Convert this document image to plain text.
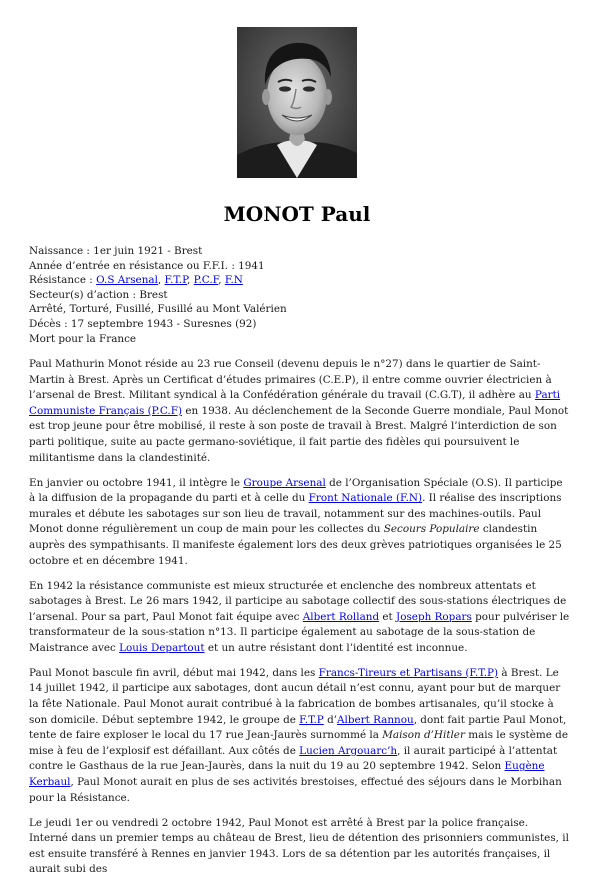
MONOT Paul
Naissance : 1er juin 1921 - Brest
Année d’entrée en résistance ou F.F.I. : 1941
Résistance : O.S Arsenal, F.T.P, P.C.F, F.N
Secteur(s) d’action : Brest
Arrêté, Torturé, Fusillé, Fusillé au Mont Valérien
Décès : 17 septembre 1943 - Suresnes (92)
Mort pour la France

Paul Mathurin Monot réside au 23 rue Conseil (devenu depuis le n°27) dans le quartier de Saint-Martin à Brest. Après un Certificat d’études primaires (C.E.P), il entre comme ouvrier électricien à l’arsenal de Brest. Militant syndical à la Confédération générale du travail (C.G.T), il adhère au Parti Communiste Français (P.C.F) en 1938. Au déclenchement de la Seconde Guerre mondiale, Paul Monot est trop jeune pour être mobilisé, il reste à son poste de travail à Brest. Malgré l’interdiction de son parti politique, suite au pacte germano-soviétique, il fait partie des fidèles qui poursuivent le militantisme dans la clandestinité.

En janvier ou octobre 1941, il intègre le Groupe Arsenal de l’Organisation Spéciale (O.S). Il participe à la diffusion de la propagande du parti et à celle du Front Nationale (F.N). Il réalise des inscriptions murales et débute les sabotages sur son lieu de travail, notamment sur des machines-outils. Paul Monot donne régulièrement un coup de main pour les collectes du Secours Populaire clandestin auprès des sympathisants. Il manifeste également lors des deux grèves patriotiques organisées le 25 octobre et en décembre 1941.

En 1942 la résistance communiste est mieux structurée et enclenche des nombreux attentats et sabotages à Brest. Le 26 mars 1942, il participe au sabotage collectif des sous-stations électriques de l’arsenal. Pour sa part, Paul Monot fait équipe avec Albert Rolland et Joseph Ropars pour pulvériser le transformateur de la sous-station n°13. Il participe également au sabotage de la sous-station de Maistrance avec Louis Departout et un autre résistant dont l’identité est inconnue.

Paul Monot bascule fin avril, début mai 1942, dans les Francs-Tireurs et Partisans (F.T.P) à Brest. Le 14 juillet 1942, il participe aux sabotages, dont aucun détail n’est connu, ayant pour but de marquer la fête Nationale. Paul Monot aurait contribué à la fabrication de bombes artisanales, qu’il stocke à son domicile. Début septembre 1942, le groupe de F.T.P d’Albert Rannou, dont fait partie Paul Monot, tente de faire exploser le local du 17 rue Jean-Jaurès surnommé la Maison d’Hitler mais le système de mise à feu de l’explosif est défaillant. Aux côtés de Lucien Argouarc’h, il aurait participé à l’attentat contre le Gasthaus de la rue Jean-Jaurès, dans la nuit du 19 au 20 septembre 1942. Selon Eugène Kerbaul, Paul Monot aurait en plus de ses activités brestoises, effectué des séjours dans le Morbihan pour la Résistance.

Le jeudi 1er ou vendredi 2 octobre 1942, Paul Monot est arrêté à Brest par la police française. Interné dans un premier temps au château de Brest, lieu de détention des prisonniers communistes, il est ensuite transféré à Rennes en janvier 1943. Lors de sa détention par les autorités françaises, il aurait subi des
